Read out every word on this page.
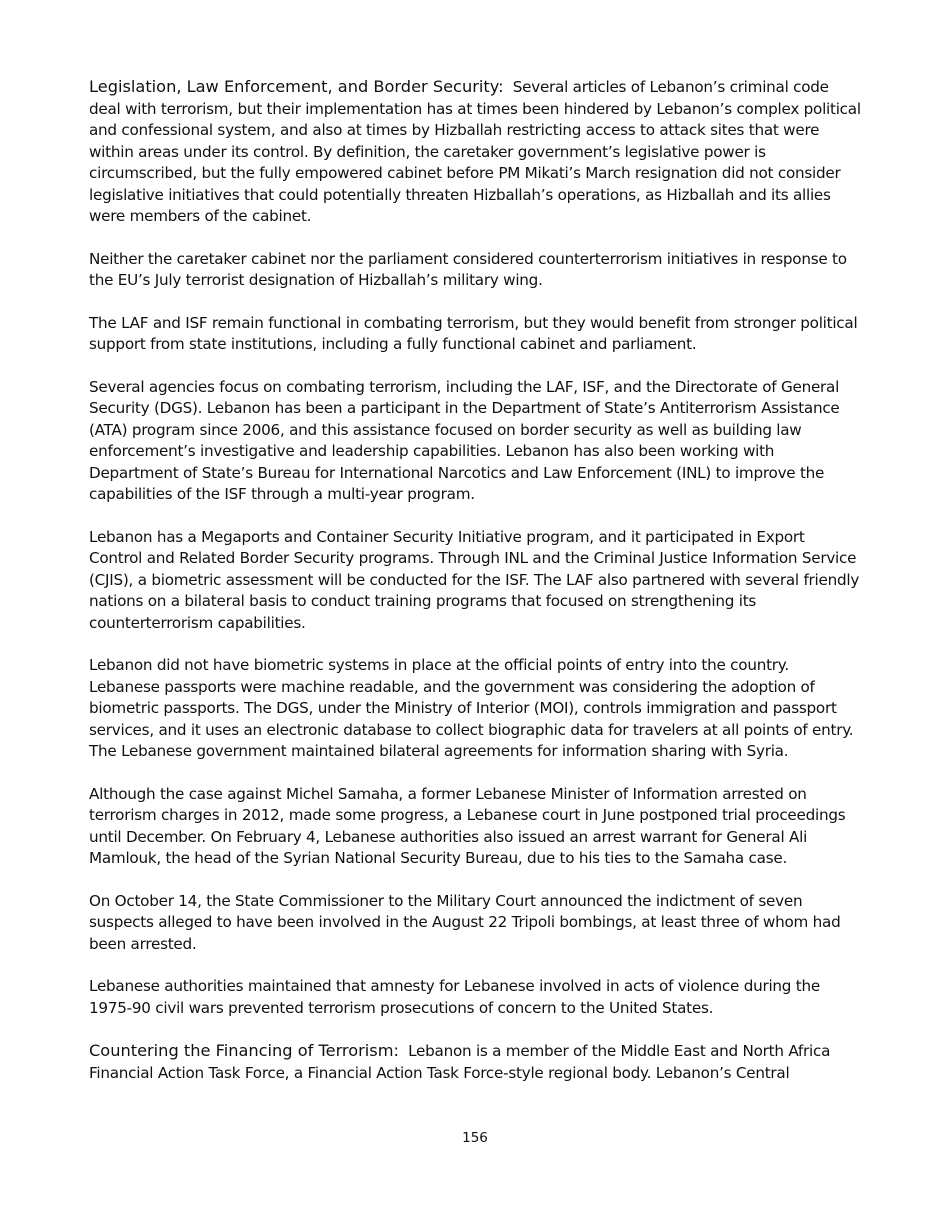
Legislation, Law Enforcement, and Border Security: Several articles of Lebanon’s criminal code deal with terrorism, but their implementation has at times been hindered by Lebanon’s complex political and confessional system, and also at times by Hizballah restricting access to attack sites that were within areas under its control. By definition, the caretaker government’s legislative power is circumscribed, but the fully empowered cabinet before PM Mikati’s March resignation did not consider legislative initiatives that could potentially threaten Hizballah’s operations, as Hizballah and its allies were members of the cabinet.

Neither the caretaker cabinet nor the parliament considered counterterrorism initiatives in response to the EU’s July terrorist designation of Hizballah’s military wing.

The LAF and ISF remain functional in combating terrorism, but they would benefit from stronger political support from state institutions, including a fully functional cabinet and parliament.

Several agencies focus on combating terrorism, including the LAF, ISF, and the Directorate of General Security (DGS). Lebanon has been a participant in the Department of State’s Antiterrorism Assistance (ATA) program since 2006, and this assistance focused on border security as well as building law enforcement’s investigative and leadership capabilities. Lebanon has also been working with Department of State’s Bureau for International Narcotics and Law Enforcement (INL) to improve the capabilities of the ISF through a multi-year program.

Lebanon has a Megaports and Container Security Initiative program, and it participated in Export Control and Related Border Security programs. Through INL and the Criminal Justice Information Service (CJIS), a biometric assessment will be conducted for the ISF. The LAF also partnered with several friendly nations on a bilateral basis to conduct training programs that focused on strengthening its counterterrorism capabilities.

Lebanon did not have biometric systems in place at the official points of entry into the country. Lebanese passports were machine readable, and the government was considering the adoption of biometric passports. The DGS, under the Ministry of Interior (MOI), controls immigration and passport services, and it uses an electronic database to collect biographic data for travelers at all points of entry. The Lebanese government maintained bilateral agreements for information sharing with Syria.

Although the case against Michel Samaha, a former Lebanese Minister of Information arrested on terrorism charges in 2012, made some progress, a Lebanese court in June postponed trial proceedings until December. On February 4, Lebanese authorities also issued an arrest warrant for General Ali Mamlouk, the head of the Syrian National Security Bureau, due to his ties to the Samaha case.

On October 14, the State Commissioner to the Military Court announced the indictment of seven suspects alleged to have been involved in the August 22 Tripoli bombings, at least three of whom had been arrested.

Lebanese authorities maintained that amnesty for Lebanese involved in acts of violence during the 1975-90 civil wars prevented terrorism prosecutions of concern to the United States.

Countering the Financing of Terrorism: Lebanon is a member of the Middle East and North Africa Financial Action Task Force, a Financial Action Task Force-style regional body. Lebanon’s Central

156
